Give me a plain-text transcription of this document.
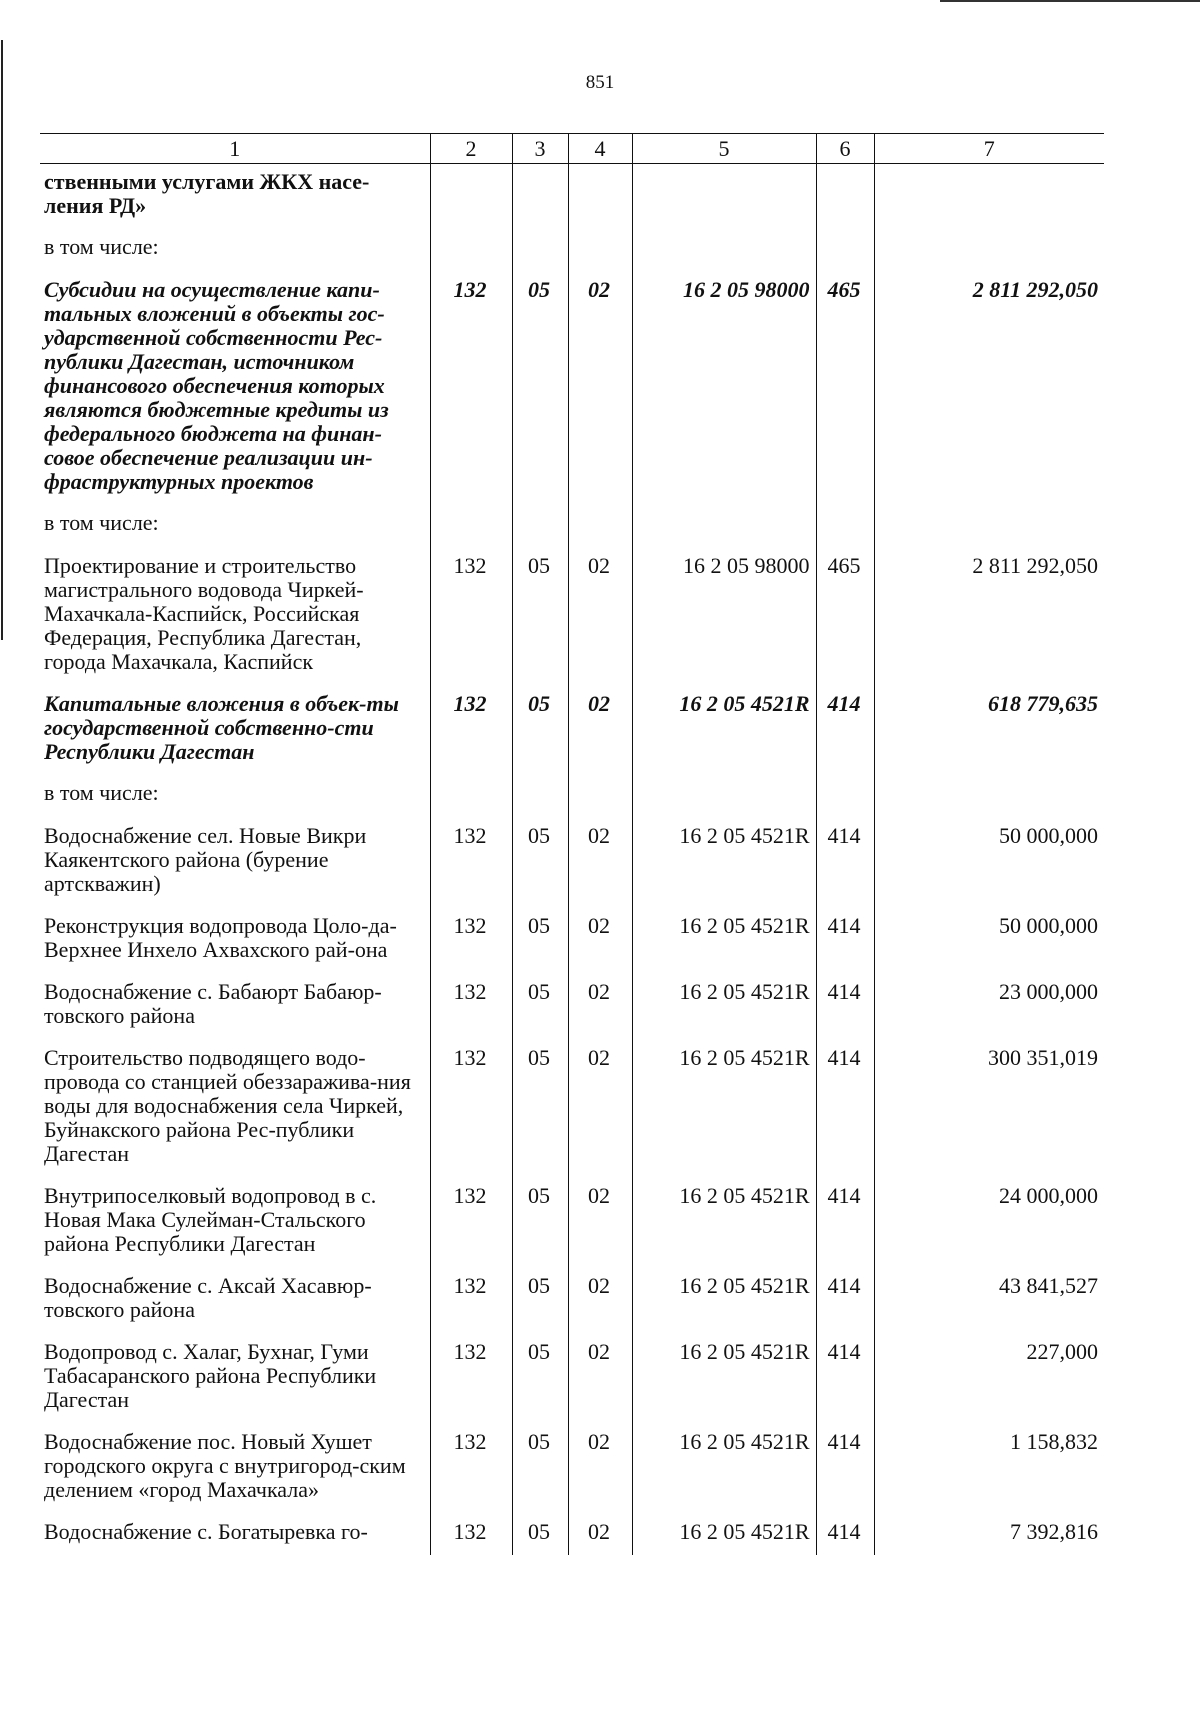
851
1	2	3	4	5	6	7
ственными услугами ЖКХ насе-ления РД»						
в том числе:						
Субсидии на осуществление капи-тальных вложений в объекты гос-ударственной собственности Рес-публики Дагестан, источником финансового обеспечения которых являются бюджетные кредиты из федерального бюджета на финан-совое обеспечение реализации ин-фраструктурных проектов	132	05	02	16 2 05 98000	465	2 811 292,050
в том числе:						
Проектирование и строительство магистрального водовода Чиркей-Махачкала-Каспийск, Российская Федерация, Республика Дагестан, города Махачкала, Каспийск	132	05	02	16 2 05 98000	465	2 811 292,050
Капитальные вложения в объек-ты государственной собственно-сти Республики Дагестан	132	05	02	16 2 05 4521R	414	618 779,635
в том числе:						
Водоснабжение сел. Новые Викри Каякентского района (бурение артскважин)	132	05	02	16 2 05 4521R	414	50 000,000
Реконструкция водопровода Цоло-да-Верхнее Инхело Ахвахского рай-она	132	05	02	16 2 05 4521R	414	50 000,000
Водоснабжение с. Бабаюрт Бабаюр-товского района	132	05	02	16 2 05 4521R	414	23 000,000
Строительство подводящего водо-провода со станцией обеззаражива-ния воды для водоснабжения села Чиркей, Буйнакского района Рес-публики Дагестан	132	05	02	16 2 05 4521R	414	300 351,019
Внутрипоселковый водопровод в с. Новая Мака Сулейман-Стальского района Республики Дагестан	132	05	02	16 2 05 4521R	414	24 000,000
Водоснабжение с. Аксай Хасавюр-товского района	132	05	02	16 2 05 4521R	414	43 841,527
Водопровод с. Халаг, Бухнаг, Гуми Табасаранского района Республики Дагестан	132	05	02	16 2 05 4521R	414	227,000
Водоснабжение пос. Новый Хушет городского округа с внутригород-ским делением «город Махачкала»	132	05	02	16 2 05 4521R	414	1 158,832
Водоснабжение с. Богатыревка го-	132	05	02	16 2 05 4521R	414	7 392,816
